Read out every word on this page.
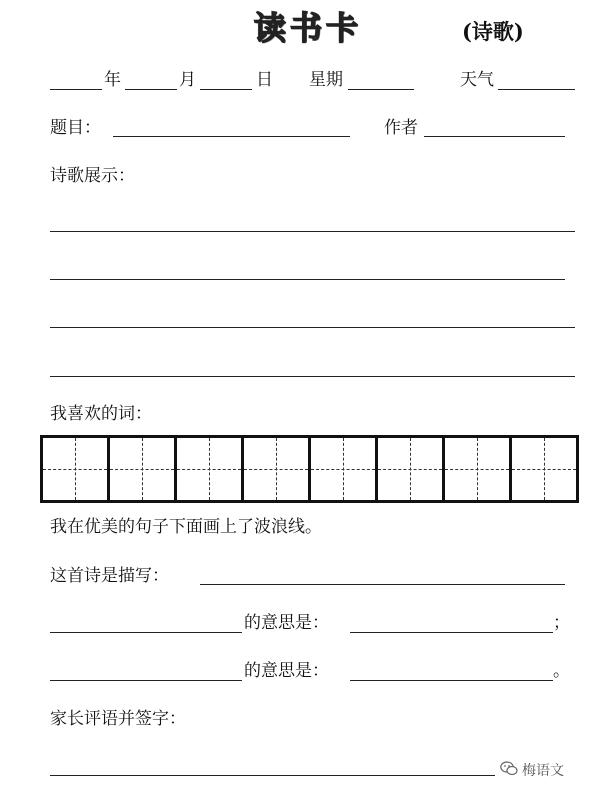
读书卡	(诗歌)
年	月	日 星期	天气
题目：	作者
诗歌展示：
我喜欢的词：
我在优美的句子下面画上了波浪线。
这首诗是描写：
的意思是：	；
的意思是：	。
家长评语并签字：
梅语文
